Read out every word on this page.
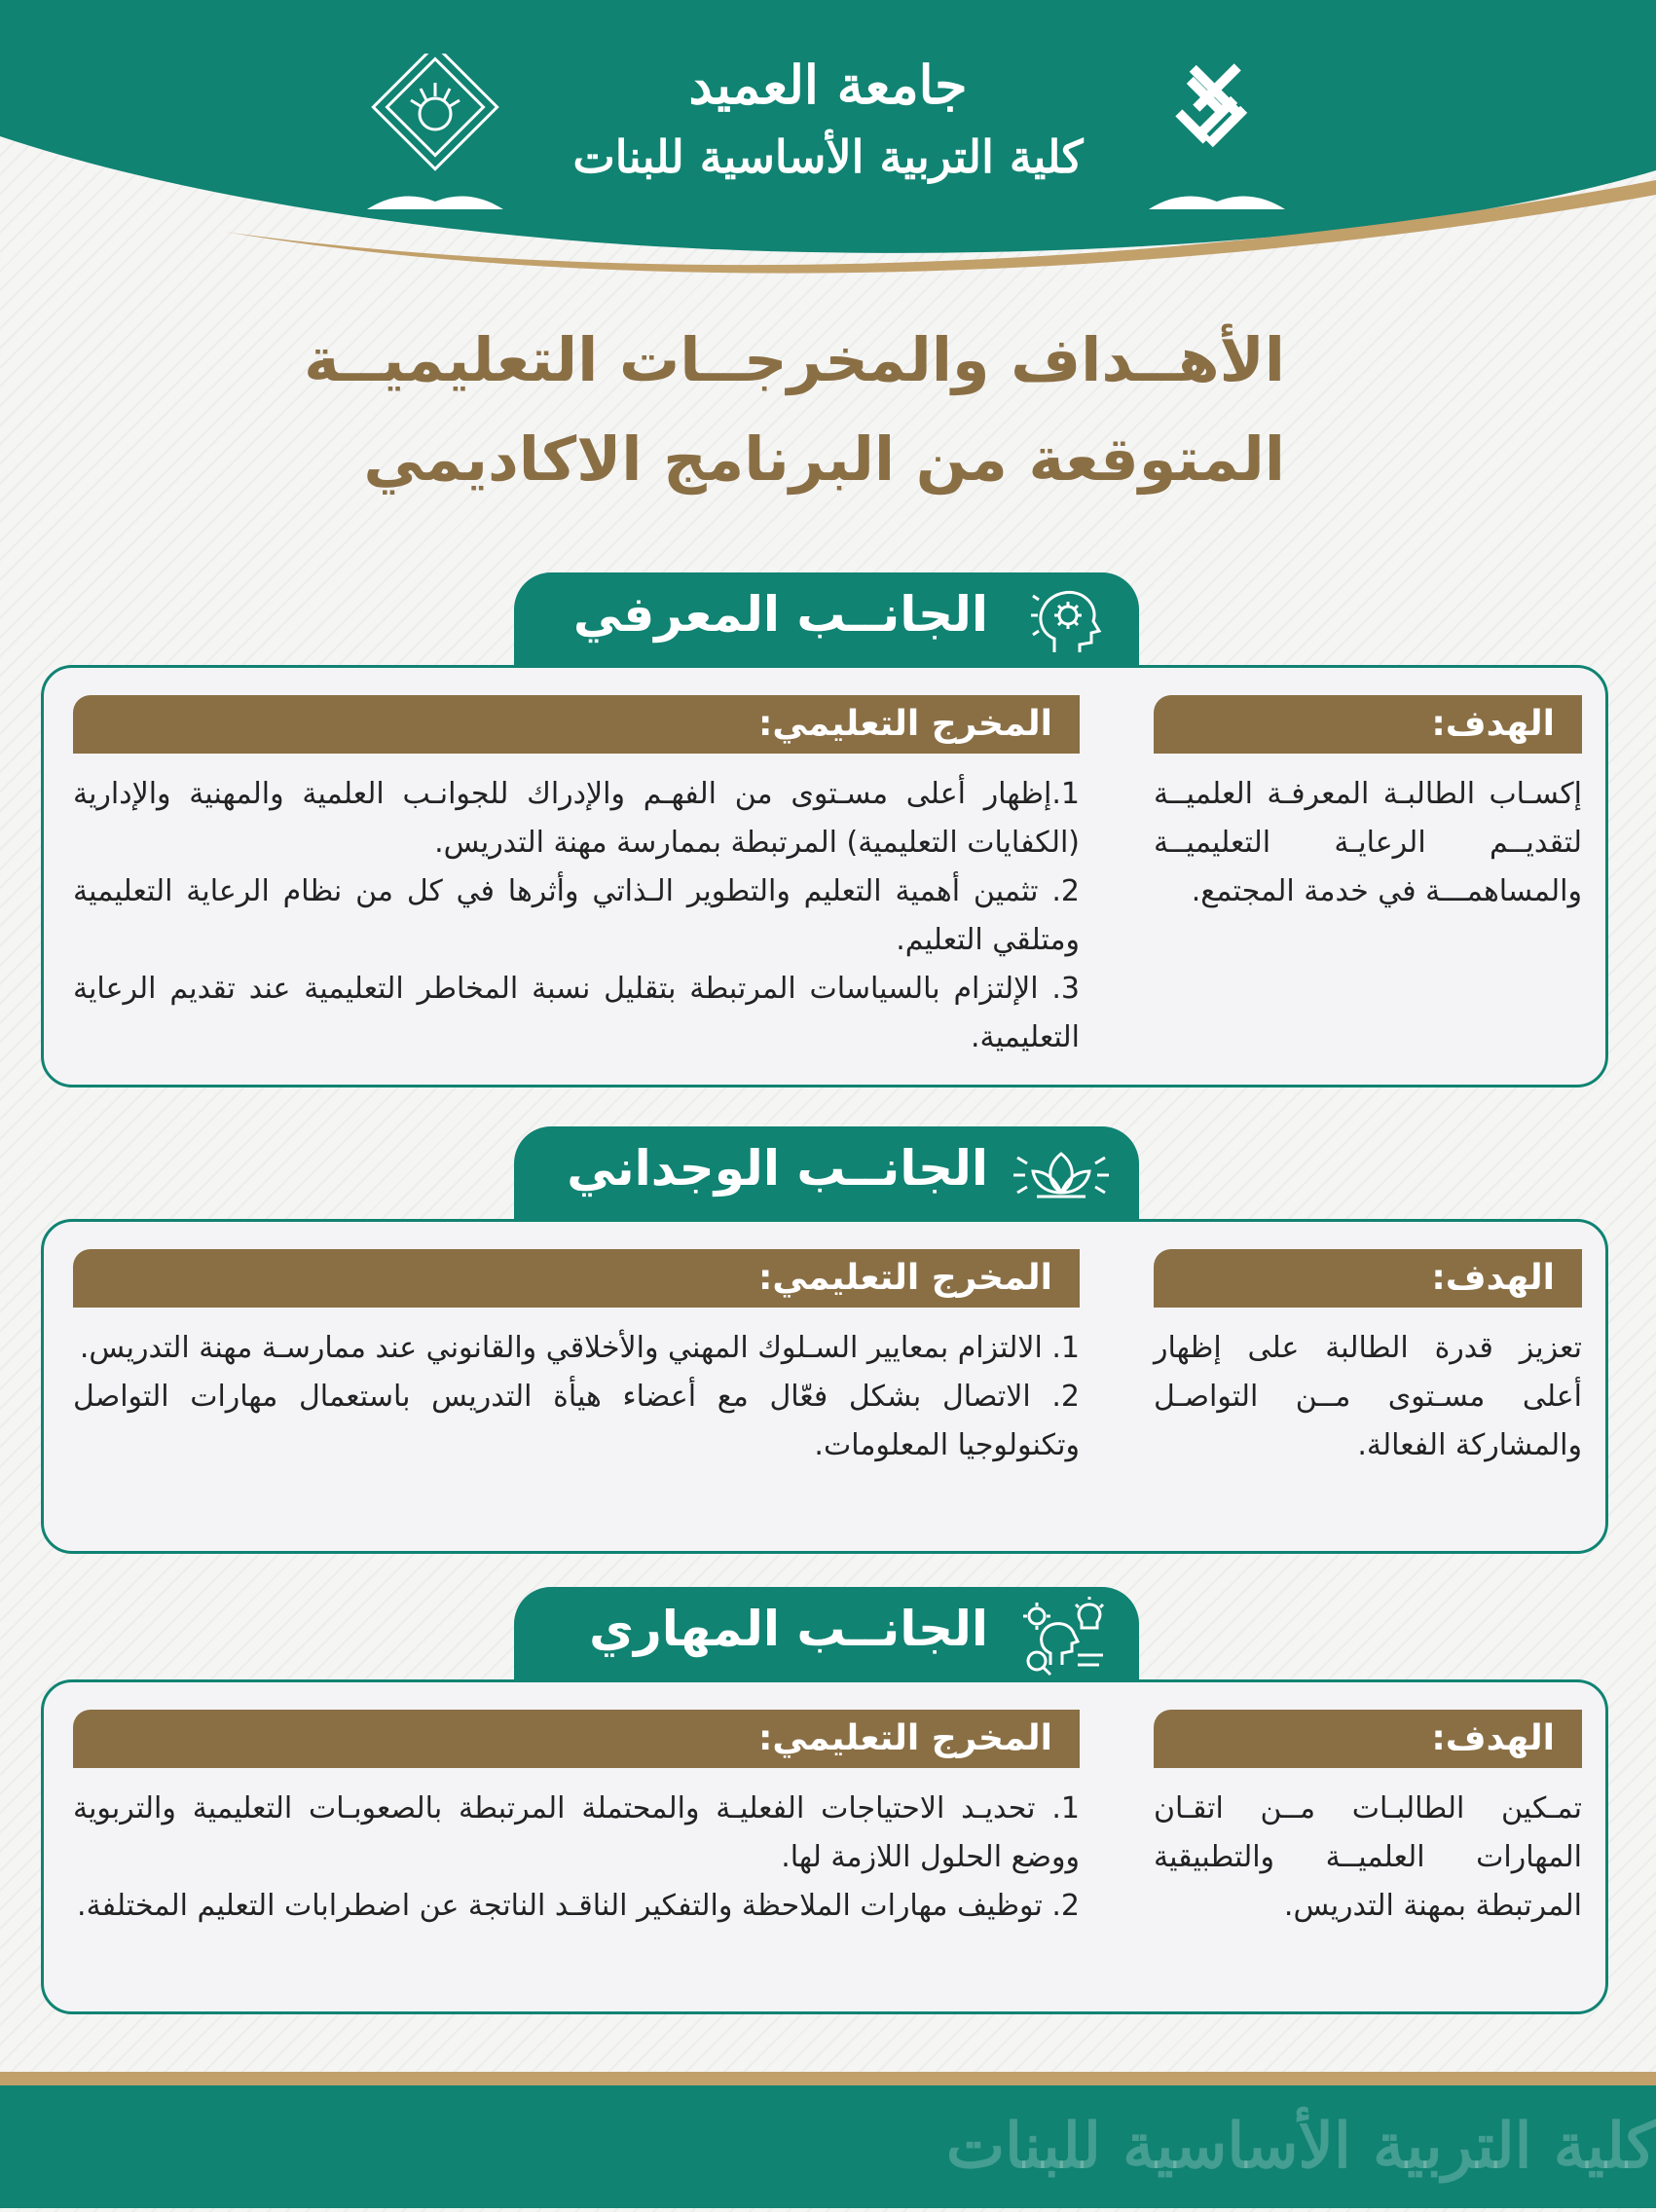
جامعة العميد
كلية التربية الأساسية للبنات
الأهــداف والمخرجــات التعليميــة
المتوقعة من البرنامج الاكاديمي
الجانــب المعرفي
الهدف:
إكسـاب الطالبـة المعرفـة العلميــة لتقديــم الرعايـة التعليميــة والمساهمـــة في خدمة المجتمع.
المخرج التعليمي:

1.إظهار أعلى مسـتوى من الفهـم والإدراك للجوانـب العلمية والمهنية والإدارية (الكفايات التعليمية) المرتبطة بممارسة مهنة التدريس.

2. تثمين أهمية التعليم والتطوير الـذاتي وأثرها في كل من نظام الرعاية التعليمية ومتلقي التعليم.

3. الإلتزام بالسياسات المرتبطة بتقليل نسبة المخاطر التعليمية عند تقديم الرعاية التعليمية.

الجانــب الوجداني
الهدف:
تعزيز قدرة الطالبة على إظهار أعلى مسـتوى مــن التواصـل والمشاركة الفعالة.
المخرج التعليمي:

1. الالتزام بمعايير السـلوك المهني والأخلاقي والقانوني عند ممارسـة مهنة التدريس.

2. الاتصال بشكل فعّال مع أعضاء هيأة التدريس باستعمال مهارات التواصل وتكنولوجيا المعلومات.

الجانــب المهاري
الهدف:
تمـكين الطالبـات مــن اتقـان المهارات العلميــة والتطبيقية المرتبطة بمهنة التدريس.
المخرج التعليمي:

1. تحديـد الاحتياجات الفعليـة والمحتملة المرتبطة بالصعوبـات التعليمية والتربوية ووضع الحلول اللازمة لها.

2. توظيف مهارات الملاحظة والتفكير الناقـد الناتجة عن اضطرابات التعليم المختلفة.

كلية التربية الأساسية للبنات
